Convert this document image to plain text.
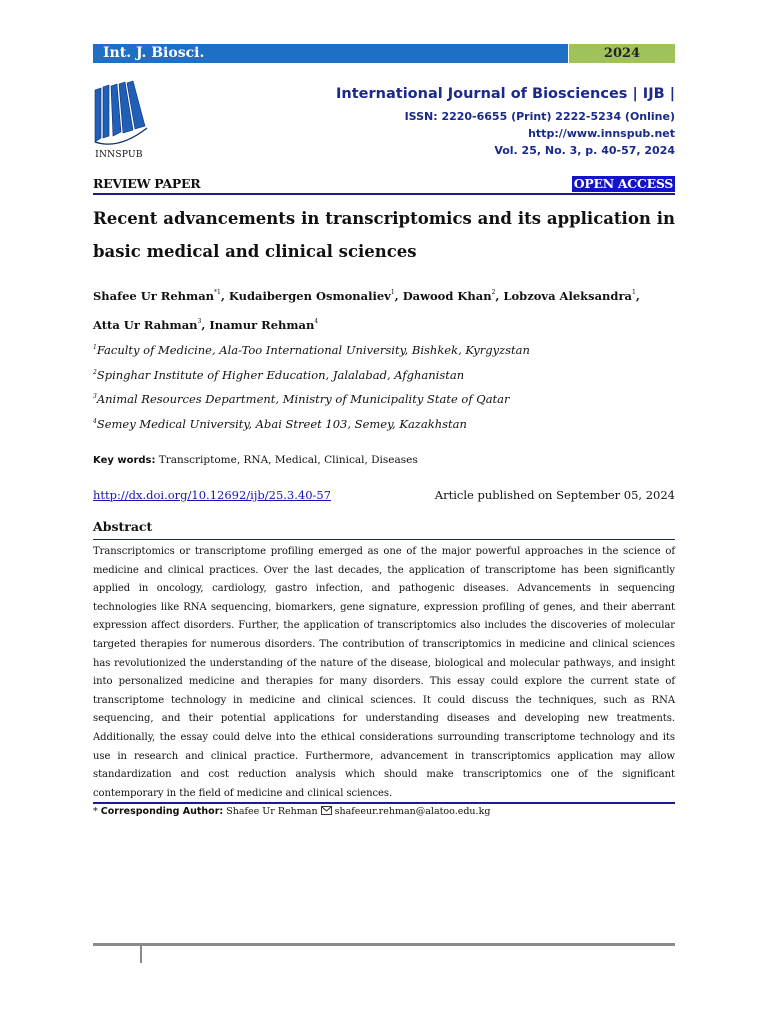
Int. J. Biosci.	2024
INNSPUB
International Journal of Biosciences | IJB |
ISSN: 2220-6655 (Print) 2222-5234 (Online)
http://www.innspub.net
Vol. 25, No. 3, p. 40-57, 2024
REVIEW PAPER	OPEN ACCESS
Recent advancements in transcriptomics and its application in basic medical and clinical sciences
Shafee Ur Rehman$^{*1}$, Kudaibergen Osmonaliev$^1$, Dawood Khan$^2$, Lobzova Aleksandra$^1$,
Atta Ur Rahman$^3$, Inamur Rehman$^4$
$^1$Faculty of Medicine, Ala-Too International University, Bishkek, Kyrgyzstan
$^2$Spinghar Institute of Higher Education, Jalalabad, Afghanistan
$^3$Animal Resources Department, Ministry of Municipality State of Qatar
$^4$Semey Medical University, Abai Street 103, Semey, Kazakhstan
Key words: Transcriptome, RNA, Medical, Clinical, Diseases
http://dx.doi.org/10.12692/ijb/25.3.40-57	Article published on September 05, 2024
Abstract
Transcriptomics or transcriptome profiling emerged as one of the major powerful approaches in the science of medicine and clinical practices. Over the last decades, the application of transcriptome has been significantly applied in oncology, cardiology, gastro infection, and pathogenic diseases. Advancements in sequencing technologies like RNA sequencing, biomarkers, gene signature, expression profiling of genes, and their aberrant expression affect disorders. Further, the application of transcriptomics also includes the discoveries of molecular targeted therapies for numerous disorders. The contribution of transcriptomics in medicine and clinical sciences has revolutionized the understanding of the nature of the disease, biological and molecular pathways, and insight into personalized medicine and therapies for many disorders. This essay could explore the current state of transcriptome technology in medicine and clinical sciences. It could discuss the techniques, such as RNA sequencing, and their potential applications for understanding diseases and developing new treatments. Additionally, the essay could delve into the ethical considerations surrounding transcriptome technology and its use in research and clinical practice. Furthermore, advancement in transcriptomics application may allow standardization and cost reduction analysis which should make transcriptomics one of the significant contemporary in the field of medicine and clinical sciences.
* Corresponding Author: Shafee Ur Rehman shafeeur.rehman@alatoo.edu.kg
